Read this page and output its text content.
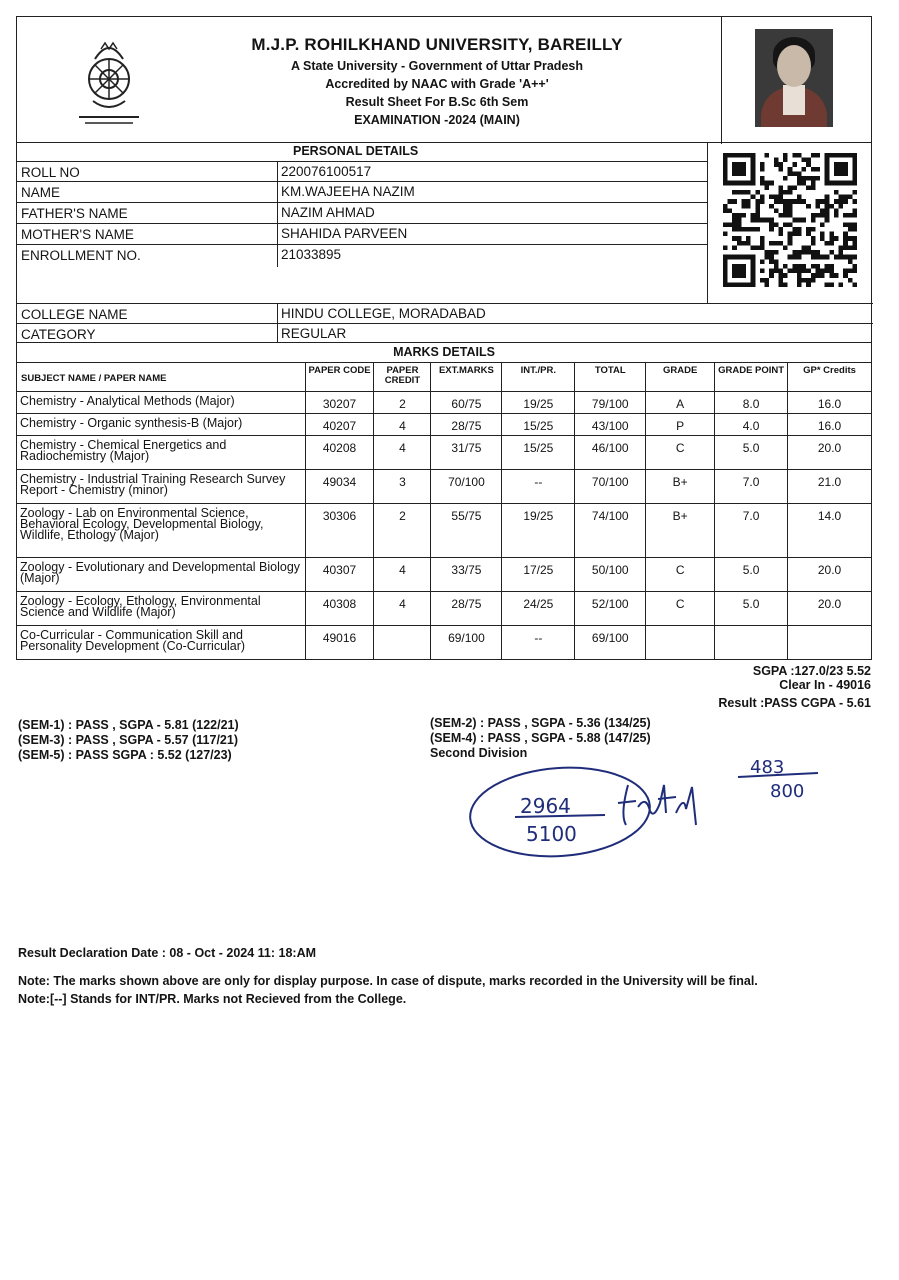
M.J.P. ROHILKHAND UNIVERSITY, BAREILLY
A State University - Government of Uttar Pradesh
Accredited by NAAC with Grade 'A++'
Result Sheet For B.Sc 6th Sem
EXAMINATION -2024 (MAIN)
PERSONAL DETAILS
ROLL NO	220076100517
NAME	KM.WAJEEHA NAZIM
FATHER'S NAME	NAZIM AHMAD
MOTHER'S NAME	SHAHIDA PARVEEN
ENROLLMENT NO.	21033895
COLLEGE NAME	HINDU COLLEGE, MORADABAD
CATEGORY	REGULAR
MARKS DETAILS
SUBJECT NAME / PAPER NAME	PAPER CODE	PAPER CREDIT	EXT.MARKS	INT./PR.	TOTAL	GRADE	GRADE POINT	GP* Credits
Chemistry - Analytical Methods (Major)	30207	2	60/75	19/25	79/100	A	8.0	16.0
Chemistry - Organic synthesis-B (Major)	40207	4	28/75	15/25	43/100	P	4.0	16.0
Chemistry - Chemical Energetics and Radiochemistry (Major)	40208	4	31/75	15/25	46/100	C	5.0	20.0
Chemistry - Industrial Training Research Survey Report - Chemistry (minor)	49034	3	70/100	--	70/100	B+	7.0	21.0
Zoology - Lab on Environmental Science, Behavioral Ecology, Developmental Biology, Wildlife, Ethology (Major)	30306	2	55/75	19/25	74/100	B+	7.0	14.0
Zoology - Evolutionary and Developmental Biology (Major)	40307	4	33/75	17/25	50/100	C	5.0	20.0
Zoology - Ecology, Ethology, Environmental Science and Wildlife (Major)	40308	4	28/75	24/25	52/100	C	5.0	20.0
Co-Curricular - Communication Skill and Personality Development (Co-Curricular)	49016		69/100	--	69/100			
SGPA :127.0/23 5.52
Clear In - 49016
Result :PASS CGPA - 5.61
(SEM-1) : PASS , SGPA - 5.81 (122/21)
(SEM-3) : PASS , SGPA - 5.57 (117/21)
(SEM-5) : PASS SGPA : 5.52 (127/23)
(SEM-2) : PASS , SGPA - 5.36 (134/25)
(SEM-4) : PASS , SGPA - 5.88 (147/25)
Second Division
2964
5100
483
800
Result Declaration Date : 08 - Oct - 2024 11: 18:AM
Note: The marks shown above are only for display purpose. In case of dispute, marks recorded in the University will be final.
Note:[--] Stands for INT/PR. Marks not Recieved from the College.
